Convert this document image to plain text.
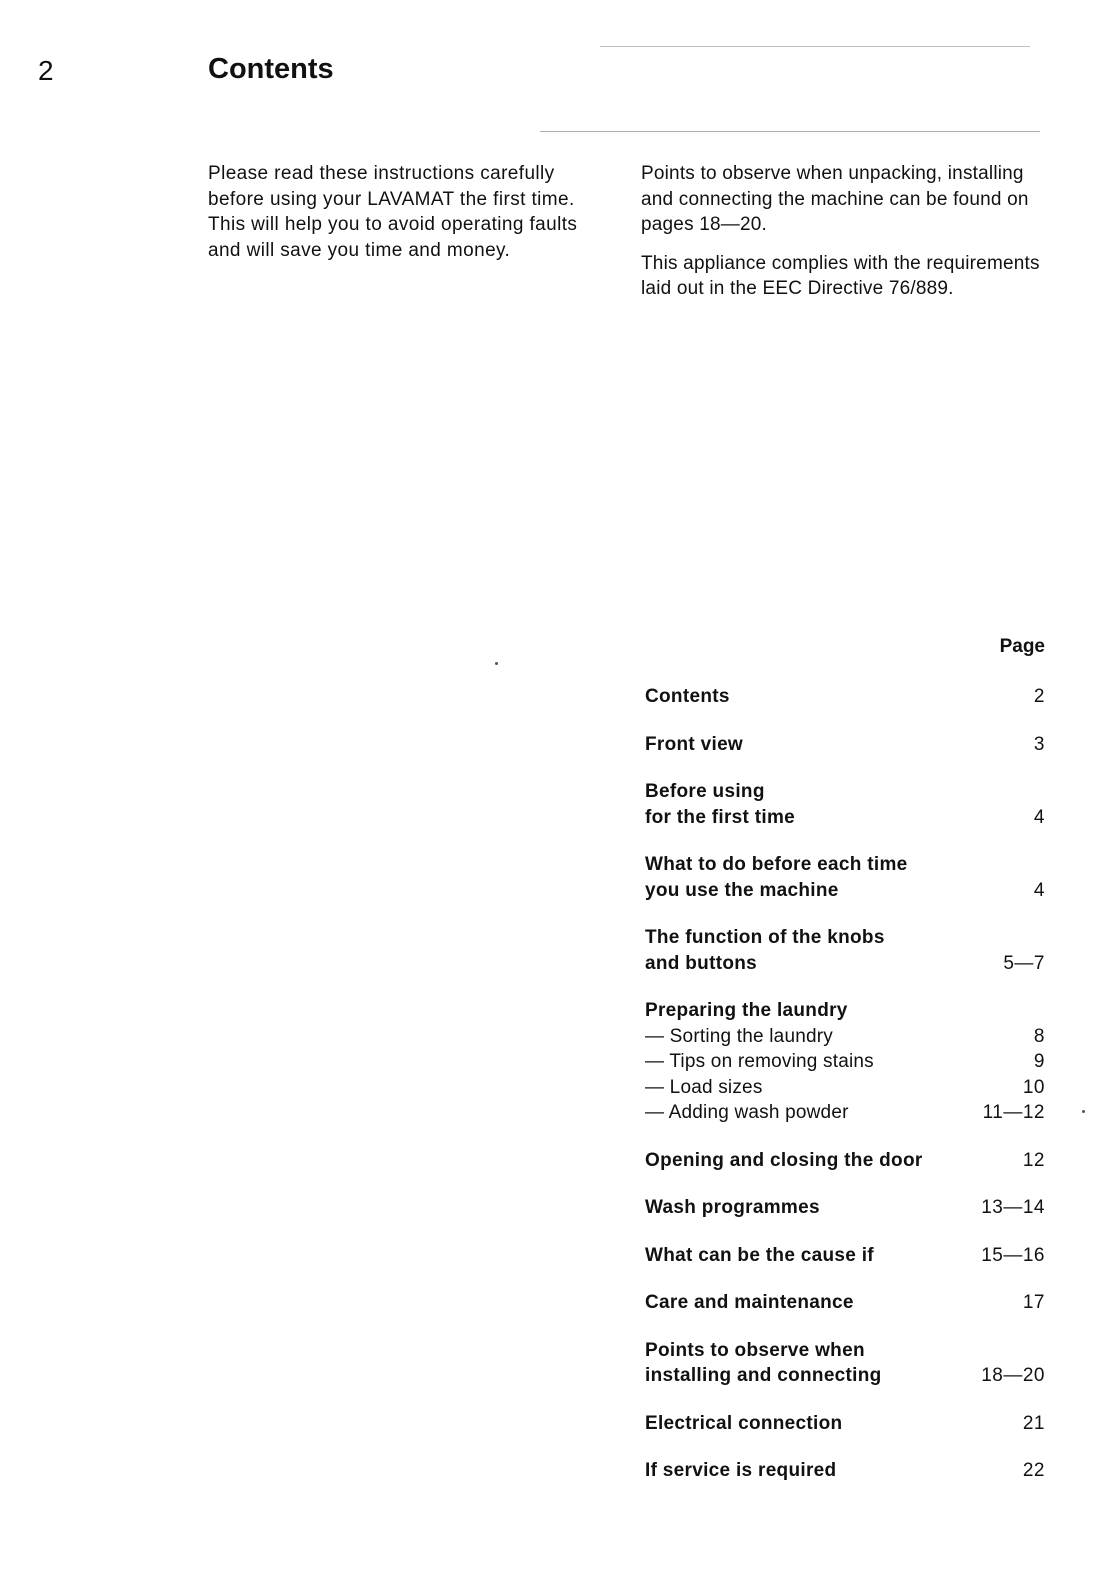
2	Contents

Please read these instructions carefully before using your LAVAMAT the first time. This will help you to avoid operating faults and will save you time and money.

Points to observe when unpacking, installing and connecting the machine can be found on pages 18—20.

This appliance complies with the requirements laid out in the EEC Directive 76/889.

Page
Contents	2
Front view	3
Before using
for the first time	4
What to do before each time
you use the machine	4
The function of the knobs
and buttons	5—7
Preparing the laundry
— Sorting the laundry	8
— Tips on removing stains	9
— Load sizes	10
— Adding wash powder	11—12
Opening and closing the door	12
Wash programmes	13—14
What can be the cause if	15—16
Care and maintenance	17
Points to observe when
installing and connecting	18—20
Electrical connection	21
If service is required	22
